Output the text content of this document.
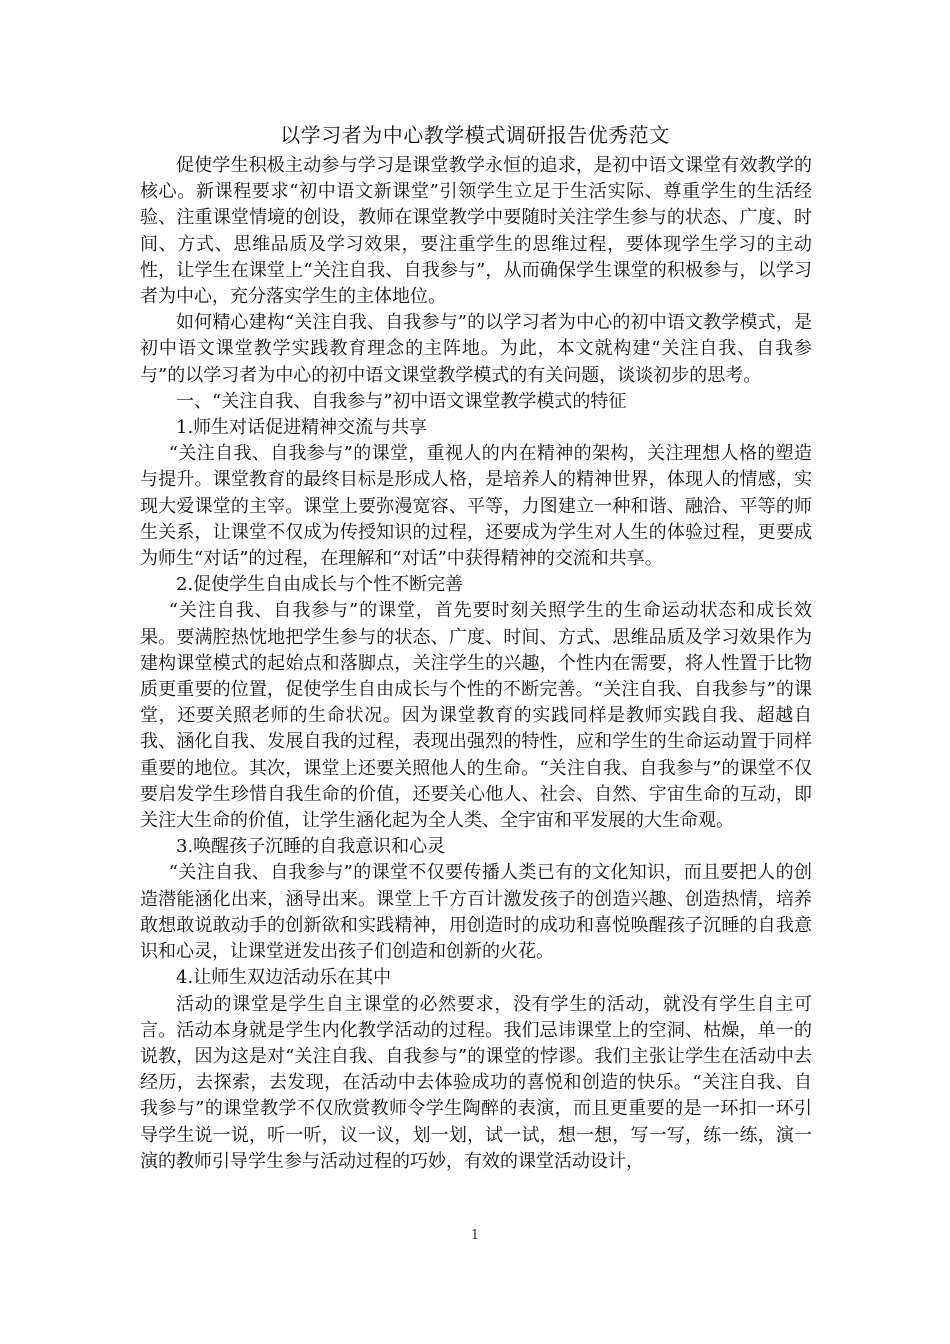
以学习者为中心教学模式调研报告优秀范文

促使学生积极主动参与学习是课堂教学永恒的追求，是初中语文课堂有效教学的核心。新课程要求“初中语文新课堂”引领学生立足于生活实际、尊重学生的生活经验、注重课堂情境的创设，教师在课堂教学中要随时关注学生参与的状态、广度、时间、方式、思维品质及学习效果，要注重学生的思维过程，要体现学生学习的主动性，让学生在课堂上“关注自我、自我参与”，从而确保学生课堂的积极参与，以学习者为中心，充分落实学生的主体地位。

如何精心建构“关注自我、自我参与”的以学习者为中心的初中语文教学模式，是初中语文课堂教学实践教育理念的主阵地。为此，本文就构建“关注自我、自我参与”的以学习者为中心的初中语文课堂教学模式的有关问题，谈谈初步的思考。

一、“关注自我、自我参与”初中语文课堂教学模式的特征

1.师生对话促进精神交流与共享

“关注自我、自我参与”的课堂，重视人的内在精神的架构，关注理想人格的塑造与提升。课堂教育的最终目标是形成人格，是培养人的精神世界，体现人的情感，实现大爱课堂的主宰。课堂上要弥漫宽容、平等，力图建立一种和谐、融洽、平等的师生关系，让课堂不仅成为传授知识的过程，还要成为学生对人生的体验过程，更要成为师生“对话”的过程，在理解和“对话”中获得精神的交流和共享。

2.促使学生自由成长与个性不断完善

“关注自我、自我参与”的课堂，首先要时刻关照学生的生命运动状态和成长效果。要满腔热忱地把学生参与的状态、广度、时间、方式、思维品质及学习效果作为建构课堂模式的起始点和落脚点，关注学生的兴趣，个性内在需要，将人性置于比物质更重要的位置，促使学生自由成长与个性的不断完善。“关注自我、自我参与”的课堂，还要关照老师的生命状况。因为课堂教育的实践同样是教师实践自我、超越自我、涵化自我、发展自我的过程，表现出强烈的特性，应和学生的生命运动置于同样重要的地位。其次，课堂上还要关照他人的生命。“关注自我、自我参与”的课堂不仅要启发学生珍惜自我生命的价值，还要关心他人、社会、自然、宇宙生命的互动，即关注大生命的价值，让学生涵化起为全人类、全宇宙和平发展的大生命观。

3.唤醒孩子沉睡的自我意识和心灵

“关注自我、自我参与”的课堂不仅要传播人类已有的文化知识，而且要把人的创造潜能涵化出来，涵导出来。课堂上千方百计激发孩子的创造兴趣、创造热情，培养敢想敢说敢动手的创新欲和实践精神，用创造时的成功和喜悦唤醒孩子沉睡的自我意识和心灵，让课堂迸发出孩子们创造和创新的火花。

4.让师生双边活动乐在其中

活动的课堂是学生自主课堂的必然要求，没有学生的活动，就没有学生自主可言。活动本身就是学生内化教学活动的过程。我们忌讳课堂上的空洞、枯燥，单一的说教，因为这是对“关注自我、自我参与”的课堂的悖谬。我们主张让学生在活动中去经历，去探索，去发现，在活动中去体验成功的喜悦和创造的快乐。“关注自我、自我参与”的课堂教学不仅欣赏教师令学生陶醉的表演，而且更重要的是一环扣一环引导学生说一说，听一听，议一议，划一划，试一试，想一想，写一写，练一练，演一演的教师引导学生参与活动过程的巧妙，有效的课堂活动设计，

1
